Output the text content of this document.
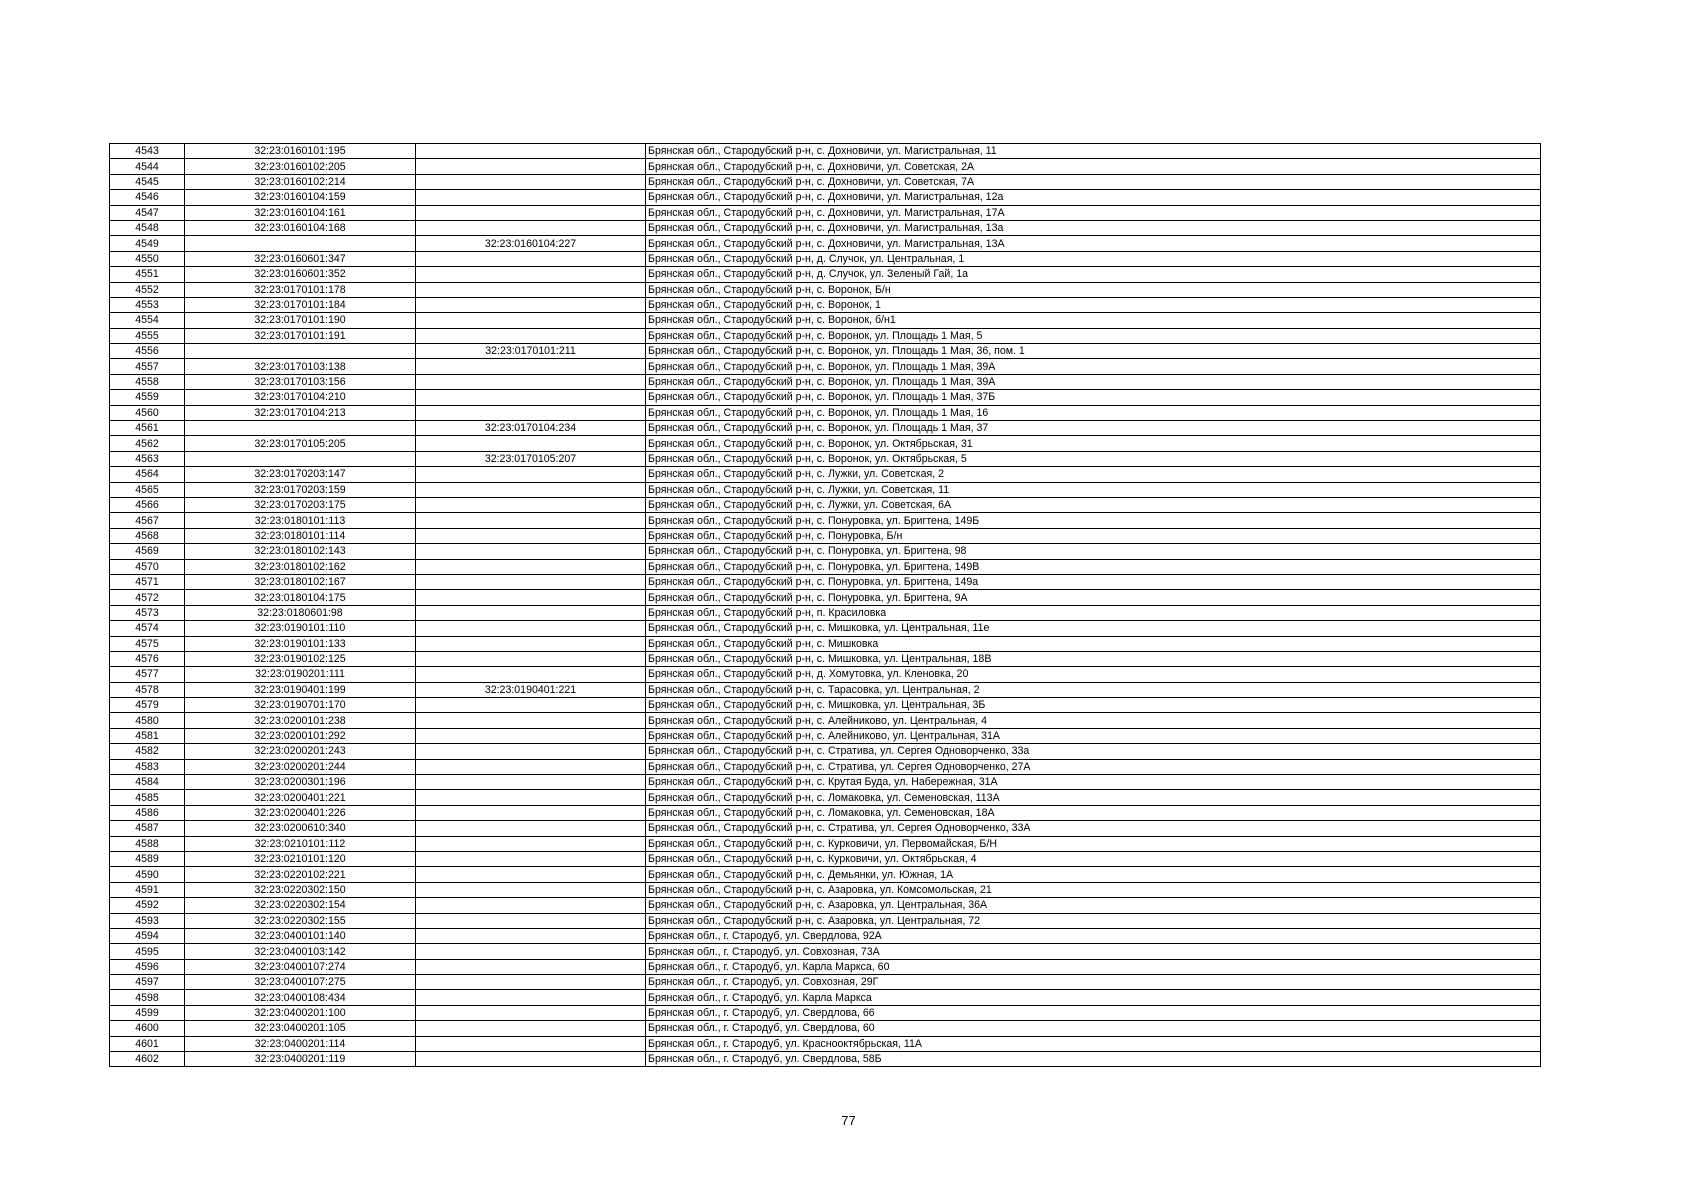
4543	32:23:0160101:195		Брянская обл., Стародубский р-н, с. Дохновичи, ул. Магистральная, 11
4544	32:23:0160102:205		Брянская обл., Стародубский р-н, с. Дохновичи, ул. Советская, 2А
4545	32:23:0160102:214		Брянская обл., Стародубский р-н, с. Дохновичи, ул. Советская, 7А
4546	32:23:0160104:159		Брянская обл., Стародубский р-н, с. Дохновичи, ул. Магистральная, 12а
4547	32:23:0160104:161		Брянская обл., Стародубский р-н, с. Дохновичи, ул. Магистральная, 17А
4548	32:23:0160104:168		Брянская обл., Стародубский р-н, с. Дохновичи, ул. Магистральная, 13а
4549		32:23:0160104:227	Брянская обл., Стародубский р-н, с. Дохновичи, ул. Магистральная, 13А
4550	32:23:0160601:347		Брянская обл., Стародубский р-н, д. Случок, ул. Центральная, 1
4551	32:23:0160601:352		Брянская обл., Стародубский р-н, д. Случок, ул. Зеленый Гай, 1а
4552	32:23:0170101:178		Брянская обл., Стародубский р-н, с. Воронок, Б/н
4553	32:23:0170101:184		Брянская обл., Стародубский р-н, с. Воронок, 1
4554	32:23:0170101:190		Брянская обл., Стародубский р-н, с. Воронок, б/н1
4555	32:23:0170101:191		Брянская обл., Стародубский р-н, с. Воронок, ул. Площадь 1 Мая, 5
4556		32:23:0170101:211	Брянская обл., Стародубский р-н, с. Воронок, ул. Площадь 1 Мая, 36, пом. 1
4557	32:23:0170103:138		Брянская обл., Стародубский р-н, с. Воронок, ул. Площадь 1 Мая, 39А
4558	32:23:0170103:156		Брянская обл., Стародубский р-н, с. Воронок, ул. Площадь 1 Мая, 39А
4559	32:23:0170104:210		Брянская обл., Стародубский р-н, с. Воронок, ул. Площадь 1 Мая, 37Б
4560	32:23:0170104:213		Брянская обл., Стародубский р-н, с. Воронок, ул. Площадь 1 Мая, 16
4561		32:23:0170104:234	Брянская обл., Стародубский р-н, с. Воронок, ул. Площадь 1 Мая, 37
4562	32:23:0170105:205		Брянская обл., Стародубский р-н, с. Воронок, ул. Октябрьская, 31
4563		32:23:0170105:207	Брянская обл., Стародубский р-н, с. Воронок, ул. Октябрьская, 5
4564	32:23:0170203:147		Брянская обл., Стародубский р-н, с. Лужки, ул. Советская, 2
4565	32:23:0170203:159		Брянская обл., Стародубский р-н, с. Лужки, ул. Советская, 11
4566	32:23:0170203:175		Брянская обл., Стародубский р-н, с. Лужки, ул. Советская, 6А
4567	32:23:0180101:113		Брянская обл., Стародубский р-н, с. Понуровка, ул. Бригтена, 149Б
4568	32:23:0180101:114		Брянская обл., Стародубский р-н, с. Понуровка, Б/н
4569	32:23:0180102:143		Брянская обл., Стародубский р-н, с. Понуровка, ул. Бригтена, 98
4570	32:23:0180102:162		Брянская обл., Стародубский р-н, с. Понуровка, ул. Бригтена, 149В
4571	32:23:0180102:167		Брянская обл., Стародубский р-н, с. Понуровка, ул. Бригтена, 149а
4572	32:23:0180104:175		Брянская обл., Стародубский р-н, с. Понуровка, ул. Бригтена, 9А
4573	32:23:0180601:98		Брянская обл., Стародубский р-н, п. Красиловка
4574	32:23:0190101:110		Брянская обл., Стародубский р-н, с. Мишковка, ул. Центральная, 11е
4575	32:23:0190101:133		Брянская обл., Стародубский р-н, с. Мишковка
4576	32:23:0190102:125		Брянская обл., Стародубский р-н, с. Мишковка, ул. Центральная, 18В
4577	32:23:0190201:111		Брянская обл., Стародубский р-н, д. Хомутовка, ул. Кленовка, 20
4578	32:23:0190401:199	32:23:0190401:221	Брянская обл., Стародубский р-н, с. Тарасовка, ул. Центральная, 2
4579	32:23:0190701:170		Брянская обл., Стародубский р-н, с. Мишковка, ул. Центральная, 3Б
4580	32:23:0200101:238		Брянская обл., Стародубский р-н, с. Алейниково, ул. Центральная, 4
4581	32:23:0200101:292		Брянская обл., Стародубский р-н, с. Алейниково, ул. Центральная, 31А
4582	32:23:0200201:243		Брянская обл., Стародубский р-н, с. Стратива, ул. Сергея Одноворченко, 33а
4583	32:23:0200201:244		Брянская обл., Стародубский р-н, с. Стратива, ул. Сергея Одноворченко, 27А
4584	32:23:0200301:196		Брянская обл., Стародубский р-н, с. Крутая Буда, ул. Набережная, 31А
4585	32:23:0200401:221		Брянская обл., Стародубский р-н, с. Ломаковка, ул. Семеновская, 113А
4586	32:23:0200401:226		Брянская обл., Стародубский р-н, с. Ломаковка, ул. Семеновская, 18А
4587	32:23:0200610:340		Брянская обл., Стародубский р-н, с. Стратива, ул. Сергея Одноворченко, 33А
4588	32:23:0210101:112		Брянская обл., Стародубский р-н, с. Курковичи, ул. Первомайская, Б/Н
4589	32:23:0210101:120		Брянская обл., Стародубский р-н, с. Курковичи, ул. Октябрьская, 4
4590	32:23:0220102:221		Брянская обл., Стародубский р-н, с. Демьянки, ул. Южная, 1А
4591	32:23:0220302:150		Брянская обл., Стародубский р-н, с. Азаровка, ул. Комсомольская, 21
4592	32:23:0220302:154		Брянская обл., Стародубский р-н, с. Азаровка, ул. Центральная, 36А
4593	32:23:0220302:155		Брянская обл., Стародубский р-н, с. Азаровка, ул. Центральная, 72
4594	32:23:0400101:140		Брянская обл., г. Стародуб, ул. Свердлова, 92А
4595	32:23:0400103:142		Брянская обл., г. Стародуб, ул. Совхозная, 73А
4596	32:23:0400107:274		Брянская обл., г. Стародуб, ул. Карла Маркса, 60
4597	32:23:0400107:275		Брянская обл., г. Стародуб, ул. Совхозная, 29Г
4598	32:23:0400108:434		Брянская обл., г. Стародуб, ул. Карла Маркса
4599	32:23:0400201:100		Брянская обл., г. Стародуб, ул. Свердлова, 66
4600	32:23:0400201:105		Брянская обл., г. Стародуб, ул. Свердлова, 60
4601	32:23:0400201:114		Брянская обл., г. Стародуб, ул. Краснооктябрьская, 11А
4602	32:23:0400201:119		Брянская обл., г. Стародуб, ул. Свердлова, 58Б
77
